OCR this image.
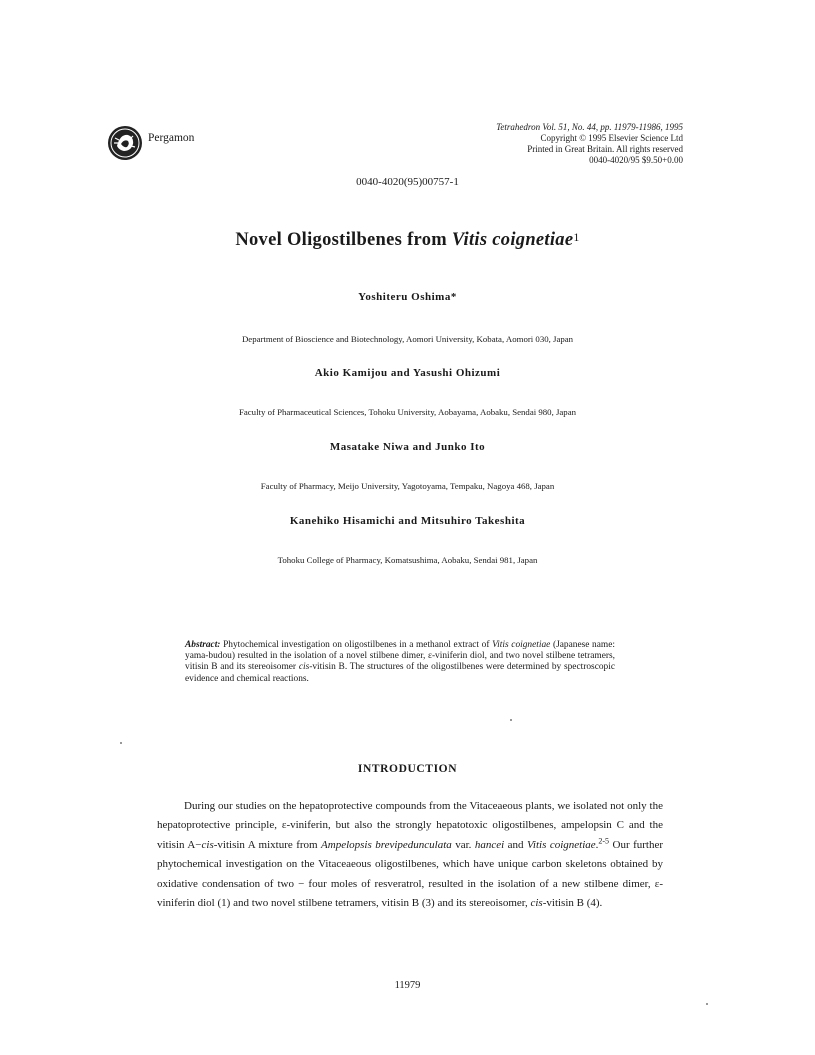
Pergamon
Tetrahedron Vol. 51, No. 44, pp. 11979-11986, 1995
Copyright © 1995 Elsevier Science Ltd
Printed in Great Britain. All rights reserved
0040-4020/95 $9.50+0.00
0040-4020(95)00757-1
Novel Oligostilbenes from Vitis coignetiae$^1$
Yoshiteru Oshima*
Department of Bioscience and Biotechnology, Aomori University, Kobata, Aomori 030, Japan
Akio Kamijou and Yasushi Ohizumi
Faculty of Pharmaceutical Sciences, Tohoku University, Aobayama, Aobaku, Sendai 980, Japan
Masatake Niwa and Junko Ito
Faculty of Pharmacy, Meijo University, Yagotoyama, Tempaku, Nagoya 468, Japan
Kanehiko Hisamichi and Mitsuhiro Takeshita
Tohoku College of Pharmacy, Komatsushima, Aobaku, Sendai 981, Japan
Abstract: Phytochemical investigation on oligostilbenes in a methanol extract of Vitis coignetiae (Japanese name: yama-budou) resulted in the isolation of a novel stilbene dimer, ε-viniferin diol, and two novel stilbene tetramers, vitisin B and its stereoisomer cis-vitisin B. The structures of the oligostilbenes were determined by spectroscopic evidence and chemical reactions.
INTRODUCTION

During our studies on the hepatoprotective compounds from the Vitaceaeous plants, we isolated not only the hepatoprotective principle, ε-viniferin, but also the strongly hepatotoxic oligostilbenes, ampelopsin C and the vitisin A−cis-vitisin A mixture from Ampelopsis brevipedunculata var. hancei and Vitis coignetiae.$^{2-5}$ Our further phytochemical investigation on the Vitaceaeous oligostilbenes, which have unique carbon skeletons obtained by oxidative condensation of two − four moles of resveratrol, resulted in the isolation of a new stilbene dimer, ε-viniferin diol (1) and two novel stilbene tetramers, vitisin B (3) and its stereoisomer, cis-vitisin B (4).

11979
